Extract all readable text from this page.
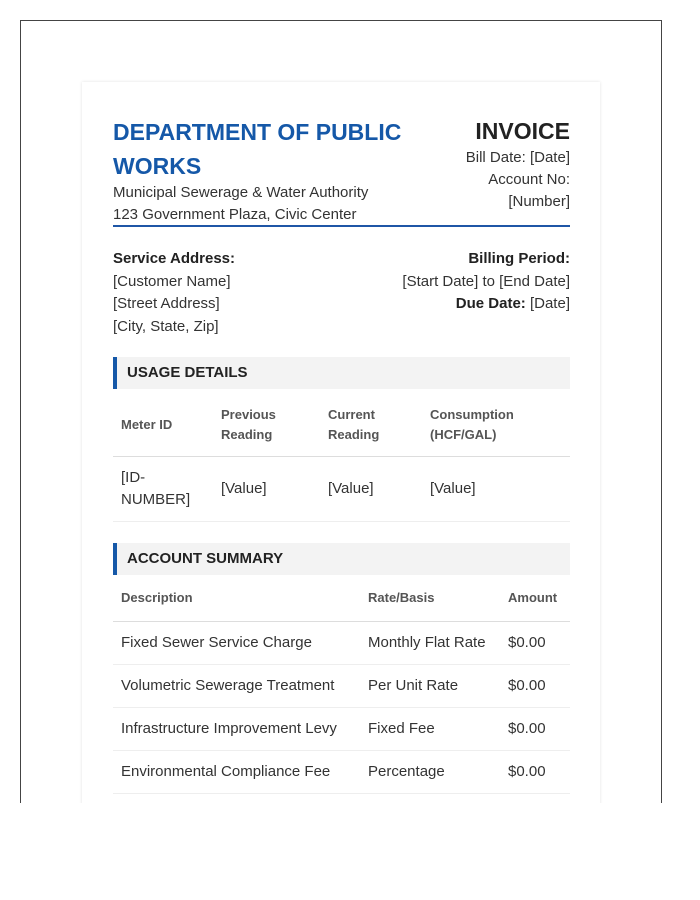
DEPARTMENT OF PUBLIC WORKS
Municipal Sewerage & Water Authority
123 Government Plaza, Civic Center
INVOICE
Bill Date: [Date]
Account No:
[Number]
Service Address:
[Customer Name]
[Street Address]
[City, State, Zip]
Billing Period:
[Start Date] to [End Date]
Due Date: [Date]
USAGE DETAILS
Meter ID	Previous Reading	Current Reading	Consumption (HCF/GAL)
[ID-NUMBER]	[Value]	[Value]	[Value]
ACCOUNT SUMMARY
Description	Rate/Basis	Amount
Fixed Sewer Service Charge	Monthly Flat Rate	$0.00
Volumetric Sewerage Treatment	Per Unit Rate	$0.00
Infrastructure Improvement Levy	Fixed Fee	$0.00
Environmental Compliance Fee	Percentage	$0.00
